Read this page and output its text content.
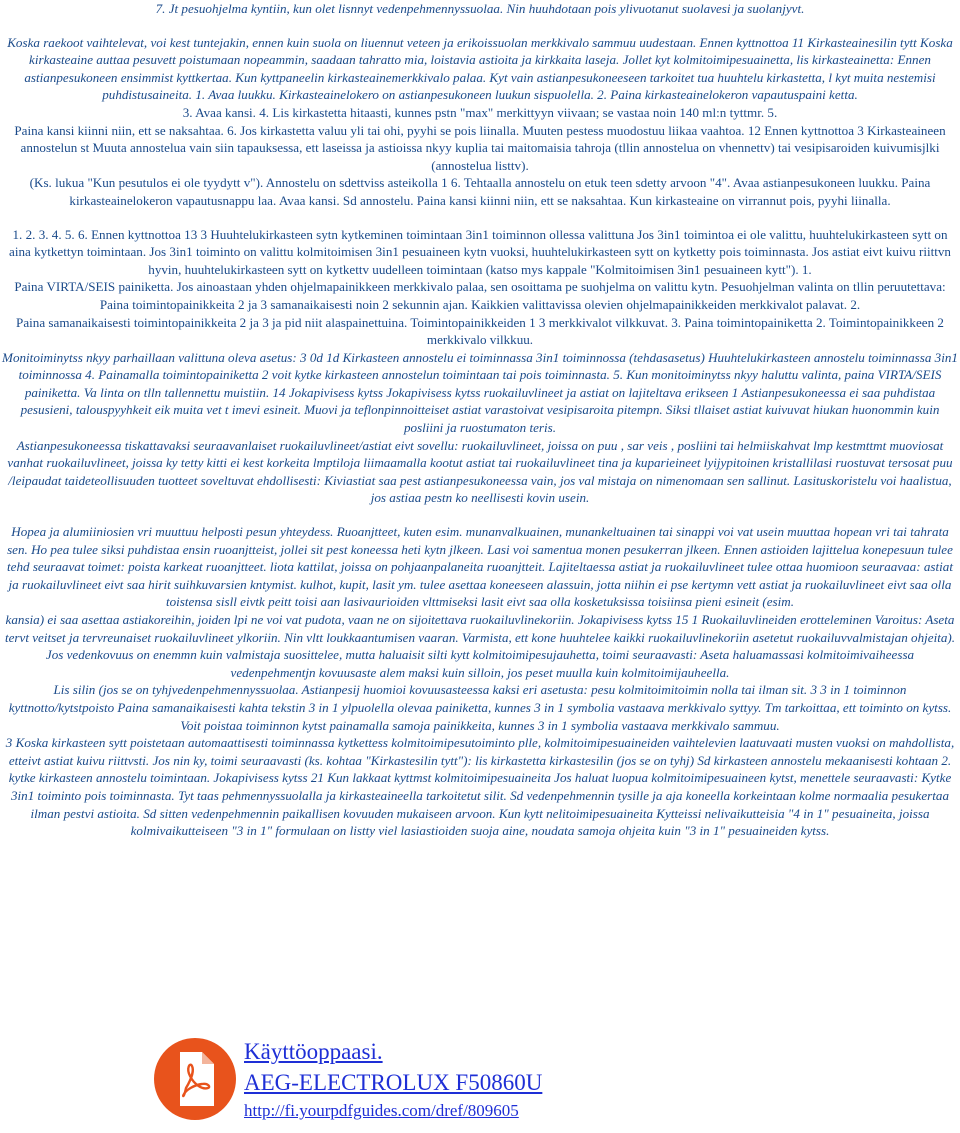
7. Jt pesuohjelma kyntiin, kun olet lisnnyt vedenpehmennyssuolaa. Nin huuhdotaan pois ylivuotanut suolavesi ja suolanjyvt.

Koska raekoot vaihtelevat, voi kest tuntejakin, ennen kuin suola on liuennut veteen ja erikoissuolan merkkivalo sammuu uudestaan. Ennen kyttnottoa 11 Kirkasteainesilin tytt Koska kirkasteaine auttaa pesuvett poistumaan nopeammin, saadaan tahratto mia, loistavia astioita ja kirkkaita laseja. Jollet kyt kolmitoimipesuainetta, lis kirkasteainetta: Ennen astianpesukoneen ensimmist kyttkertaa. Kun kyttpaneelin kirkasteainemerkkivalo palaa. Kyt vain astianpesukoneeseen tarkoitet tua huuhtelu kirkastetta, l kyt muita nestemisi puhdistusaineita. 1. Avaa luukku. Kirkasteainelokero on astianpesukoneen luukun sispuolella. 2. Paina kirkasteainelokeron vapautuspaini ketta.

3. Avaa kansi. 4. Lis kirkastetta hitaasti, kunnes pstn "max" merkittyyn viivaan; se vastaa noin 140 ml:n tyttmr. 5.

Paina kansi kiinni niin, ett se naksahtaa. 6. Jos kirkastetta valuu yli tai ohi, pyyhi se pois liinalla. Muuten pestess muodostuu liikaa vaahtoa. 12 Ennen kyttnottoa 3 Kirkasteaineen annostelun st Muuta annostelua vain siin tapauksessa, ett laseissa ja astioissa nkyy kuplia tai maitomaisia tahroja (tllin annostelua on vhennettv) tai vesipisaroiden kuivumisjlki (annostelua listtv).

(Ks. lukua "Kun pesutulos ei ole tyydytt v"). Annostelu on sdettviss asteikolla 1 6. Tehtaalla annostelu on etuk teen sdetty arvoon "4". Avaa astianpesukoneen luukku. Paina kirkasteainelokeron vapautusnappu laa. Avaa kansi. Sd annostelu. Paina kansi kiinni niin, ett se naksahtaa. Kun kirkasteaine on virrannut pois, pyyhi liinalla.

1. 2. 3. 4. 5. 6. Ennen kyttnottoa 13 3 Huuhtelukirkasteen sytn kytkeminen toimintaan 3in1 toiminnon ollessa valittuna Jos 3in1 toimintoa ei ole valittu, huuhtelukirkasteen sytt on aina kytkettyn toimintaan. Jos 3in1 toiminto on valittu kolmitoimisen 3in1 pesuaineen kytn vuoksi, huuhtelukirkasteen sytt on kytketty pois toiminnasta. Jos astiat eivt kuivu riittvn hyvin, huuhtelukirkasteen sytt on kytkettv uudelleen toimintaan (katso mys kappale "Kolmitoimisen 3in1 pesuaineen kytt"). 1.

Paina VIRTA/SEIS painiketta. Jos ainoastaan yhden ohjelmapainikkeen merkkivalo palaa, sen osoittama pe suohjelma on valittu kytn. Pesuohjelman valinta on tllin peruutettava: Paina toimintopainikkeita 2 ja 3 samanaikaisesti noin 2 sekunnin ajan. Kaikkien valittavissa olevien ohjelmapainikkeiden merkkivalot palavat. 2.

Paina samanaikaisesti toimintopainikkeita 2 ja 3 ja pid niit alaspainettuina. Toimintopainikkeiden 1 3 merkkivalot vilkkuvat. 3. Paina toimintopainiketta 2. Toimintopainikkeen 2 merkkivalo vilkkuu.

Monitoiminytss nkyy parhaillaan valittuna oleva asetus: 3 0d 1d Kirkasteen annostelu ei toiminnassa 3in1 toiminnossa (tehdasasetus) Huuhtelukirkasteen annostelu toiminnassa 3in1 toiminnossa 4. Painamalla toimintopainiketta 2 voit kytke kirkasteen annostelun toimintaan tai pois toiminnasta. 5. Kun monitoiminytss nkyy haluttu valinta, paina VIRTA/SEIS painiketta. Va linta on tlln tallennettu muistiin. 14 Jokapivisess kytss Jokapivisess kytss ruokailuvlineet ja astiat on lajiteltava erikseen 1 Astianpesukoneessa ei saa puhdistaa pesusieni, talouspyyhkeit eik muita vet t imevi esineit. Muovi ja teflonpinnoitteiset astiat varastoivat vesipisaroita pitempn. Siksi tllaiset astiat kuivuvat hiukan huonommin kuin posliini ja ruostumaton teris.

Astianpesukoneessa tiskattavaksi seuraavanlaiset ruokailuvlineet/astiat eivt sovellu: ruokailuvlineet, joissa on puu , sar veis , posliini tai helmiiskahvat lmp kestmttmt muoviosat vanhat ruokailuvlineet, joissa ky tetty kitti ei kest korkeita lmptiloja liimaamalla kootut astiat tai ruokailuvlineet tina ja kuparieineet lyijypitoinen kristallilasi ruostuvat tersosat puu /leipaudat taideteollisuuden tuotteet soveltuvat ehdollisesti: Kiviastiat saa pest astianpesukoneessa vain, jos val mistaja on nimenomaan sen sallinut. Lasituskoristelu voi haalistua, jos astiaa pestn ko neellisesti kovin usein.

Hopea ja alumiiniosien vri muuttuu helposti pesun yhteydess. Ruoanjtteet, kuten esim. munanvalkuainen, munankeltuainen tai sinappi voi vat usein muuttaa hopean vri tai tahrata sen. Ho pea tulee siksi puhdistaa ensin ruoanjtteist, jollei sit pest koneessa heti kytn jlkeen. Lasi voi samentua monen pesukerran jlkeen. Ennen astioiden lajittelua konepesuun tulee tehd seuraavat toimet: poista karkeat ruoanjtteet. liota kattilat, joissa on pohjaanpalaneita ruoanjtteit. Lajiteltaessa astiat ja ruokailuvlineet tulee ottaa huomioon seuraavaa: astiat ja ruokailuvlineet eivt saa hirit suihkuvarsien kntymist. kulhot, kupit, lasit ym. tulee asettaa koneeseen alassuin, jotta niihin ei pse kertymn vett astiat ja ruokailuvlineet eivt saa olla toistensa sisll eivtk peitt toisi aan lasivaurioiden vlttmiseksi lasit eivt saa olla kosketuksissa toisiinsa pieni esineit (esim.

kansia) ei saa asettaa astiakoreihin, joiden lpi ne voi vat pudota, vaan ne on sijoitettava ruokailuvlinekoriin. Jokapivisess kytss 15 1 Ruokailuvlineiden erotteleminen Varoitus: Aseta tervt veitset ja tervreunaiset ruokailuvlineet ylkoriin. Nin vltt loukkaantumisen vaaran. Varmista, ett kone huuhtelee kaikki ruokailuvlinekoriin asetetut ruokailuvvalmistajan ohjeita). Jos vedenkovuus on enemmn kuin valmistaja suosittelee, mutta haluaisit silti kytt kolmitoimipesujauhetta, toimi seuraavasti: Aseta haluamassasi kolmitoimivaiheessa vedenpehmentjn kovuusaste alem maksi kuin silloin, jos peset muulla kuin kolmitoimijauheella.

Lis silin (jos se on tyhjvedenpehmennyssuolaa. Astianpesij huomioi kovuusasteessa kaksi eri asetusta: pesu kolmitoimitoimin nolla tai ilman sit. 3 3 in 1 toiminnon kyttnotto/kytstpoisto Paina samanaikaisesti kahta tekstin 3 in 1 ylpuolella olevaa painiketta, kunnes 3 in 1 symbolia vastaava merkkivalo syttyy. Tm tarkoittaa, ett toiminto on kytss. Voit poistaa toiminnon kytst painamalla samoja painikkeita, kunnes 3 in 1 symbolia vastaava merkkivalo sammuu.

3 Koska kirkasteen sytt poistetaan automaattisesti toiminnassa kytkettess kolmitoimipesutoiminto plle, kolmitoimipesuaineiden vaihtelevien laatuvaati musten vuoksi on mahdollista, etteivt astiat kuivu riittvsti. Jos nin ky, toimi seuraavasti (ks. kohtaa "Kirkastesilin tytt"): lis kirkastetta kirkastesilin (jos se on tyhj) Sd kirkasteen annostelu mekaanisesti kohtaan 2. kytke kirkasteen annostelu toimintaan. Jokapivisess kytss 21 Kun lakkaat kyttmst kolmitoimipesuaineita Jos haluat luopua kolmitoimipesuaineen kytst, menettele seuraavasti: Kytke 3in1 toiminto pois toiminnasta. Tyt taas pehmennyssuolalla ja kirkasteaineella tarkoitetut silit. Sd vedenpehmennin tysille ja aja koneella korkeintaan kolme normaalia pesukertaa ilman pestvi astioita. Sd sitten vedenpehmennin paikallisen kovuuden mukaiseen arvoon. Kun kytt nelitoimipesuaineita Kytteissi nelivaikutteisia "4 in 1" pesuaineita, joissa kolmivaikutteiseen "3 in 1" formulaan on listty viel lasiastioiden suoja aine, noudata samoja ohjeita kuin "3 in 1" pesuaineiden kytss.

Käyttöoppaasi.
AEG-ELECTROLUX F50860U
http://fi.yourpdfguides.com/dref/809605
